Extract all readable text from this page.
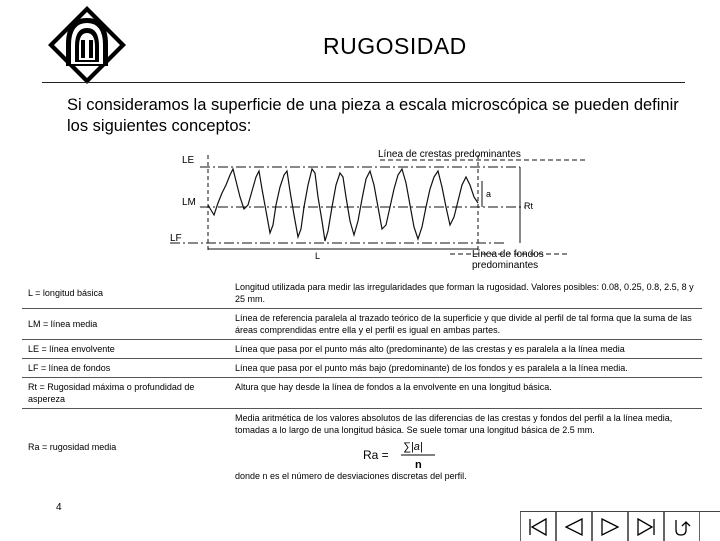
RUGOSIDAD
Si consideramos la superficie de una pieza a escala microscópica se pueden definir los siguientes conceptos:
LE
LM
LF
L
a
Rt
Línea de crestas predominantes
Línea de fondos
predominantes
L = longitud básica	Longitud utilizada para medir las irregularidades que forman la rugosidad. Valores posibles: 0.08, 0.25, 0.8, 2.5, 8 y 25 mm.
LM = línea media	Línea de referencia paralela al trazado teórico de la superficie y que divide al perfil de tal forma que la suma de las áreas comprendidas entre ella y el perfil es igual en ambas partes.
LE = línea envolvente	Línea que pasa por el punto más alto (predominante) de las crestas y es paralela a la línea media
LF = línea de fondos	Línea que pasa por el punto más bajo (predominante) de los fondos y es paralela a la línea media.
Rt = Rugosidad máxima o profundidad de aspereza	Altura que hay desde la línea de fondos a la envolvente en una longitud básica.
Ra = rugosidad media	Media aritmética de los valores absolutos de las diferencias de las crestas y fondos del perfil a la línea media, tomadas a lo largo de una longitud básica. Se suele tomar una longitud básica de 2.5 mm.
Ra =
∑|a|
n
donde n es el número de desviaciones discretas del perfil.
4
